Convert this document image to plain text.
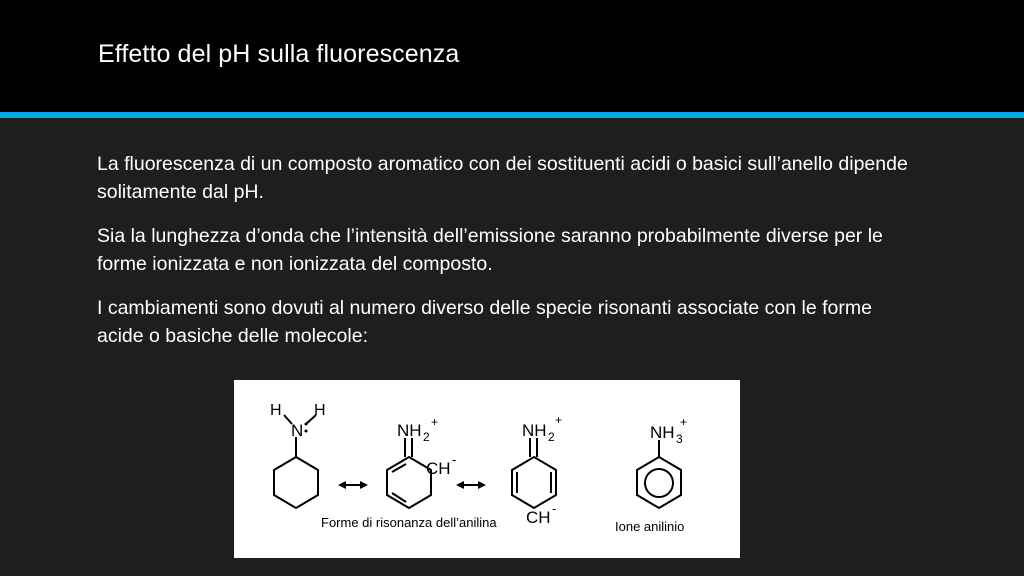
Effetto del pH sulla fluorescenza

La fluorescenza di un composto aromatico con dei sostituenti acidi o basici sull’anello dipende solitamente dal pH.

Sia la lunghezza d’onda che l’intensità dell’emissione saranno probabilmente diverse per le forme ionizzata e non ionizzata del composto.

I cambiamenti sono dovuti al numero diverso delle specie risonanti associate con le forme acide o basiche delle molecole:

H H
N	NH 2
+
CH -
NH 2
+
CH -
NH 3
+
Forme di risonanza dell’anilina	Ione anilinio
